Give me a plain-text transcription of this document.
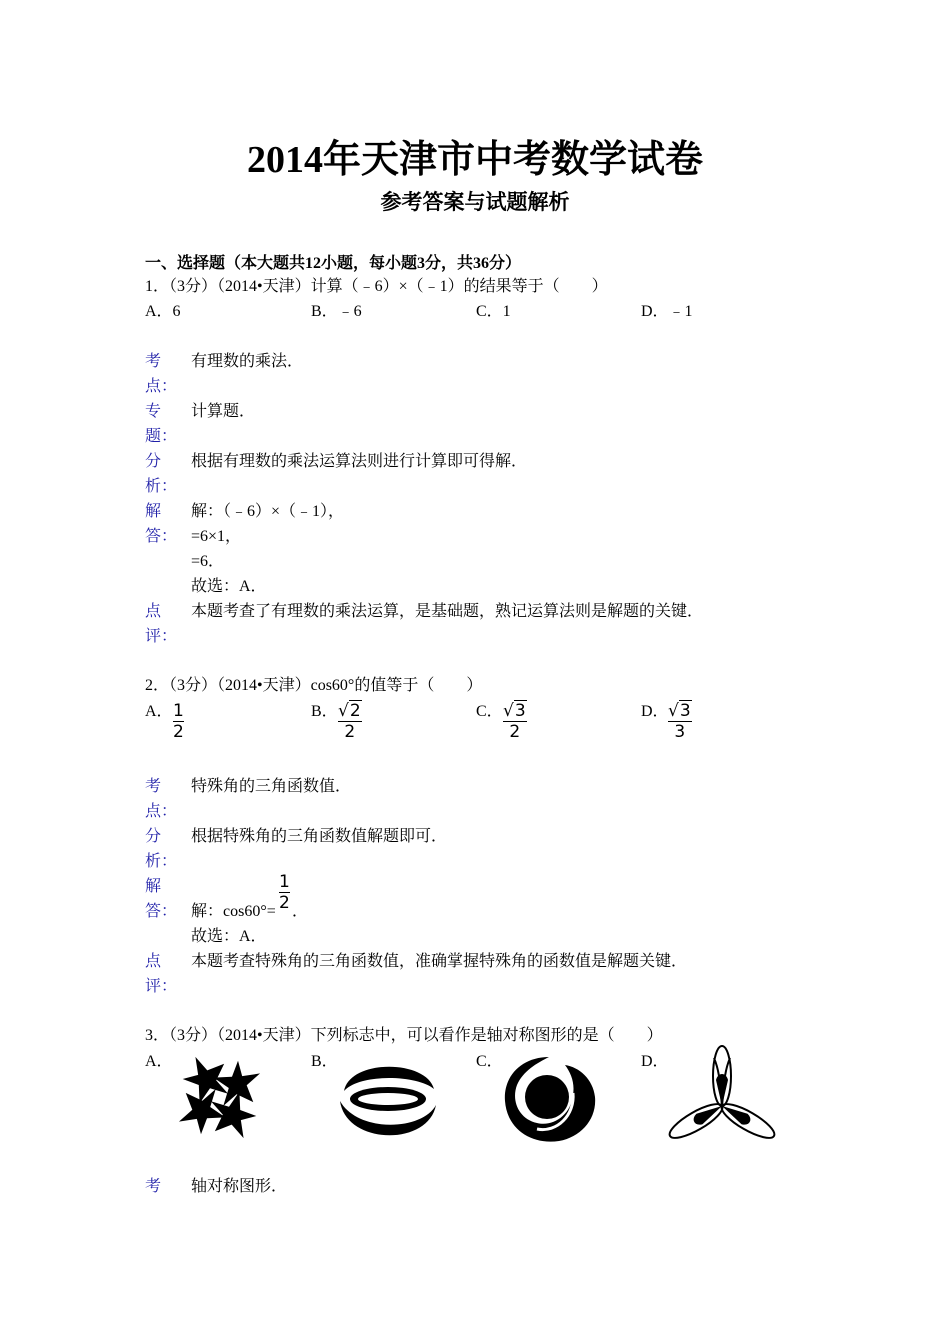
2014年天津市中考数学试卷
参考答案与试题解析
一、选择题（本大题共12小题，每小题3分，共36分）
1．（3分）（2014•天津）计算（﹣6）×（﹣1）的结果等于（　　）
A．6	B．﹣6	C．1	D．﹣1
考点：
有理数的乘法．
专题：
计算题．
分析：
根据有理数的乘法运算法则进行计算即可得解．
解答：
解：（﹣6）×（﹣1），
=6×1，
=6．
故选：A．
点评：
本题考查了有理数的乘法运算，是基础题，熟记运算法则是解题的关键．
2．（3分）（2014•天津）cos60°的值等于（　　）
A． 1
2
B． √2
2
C． √3
2
D． √3
3
考点：
特殊角的三角函数值．
分析：
根据特殊角的三角函数值解题即可．
解答： 解：cos60°=
1
2 ．
故选：A．
点评：
本题考查特殊角的三角函数值，准确掌握特殊角的函数值是解题关键．
3．（3分）（2014•天津）下列标志中，可以看作是轴对称图形的是（　　）
A．	B．	C．	D．
考	轴对称图形．
